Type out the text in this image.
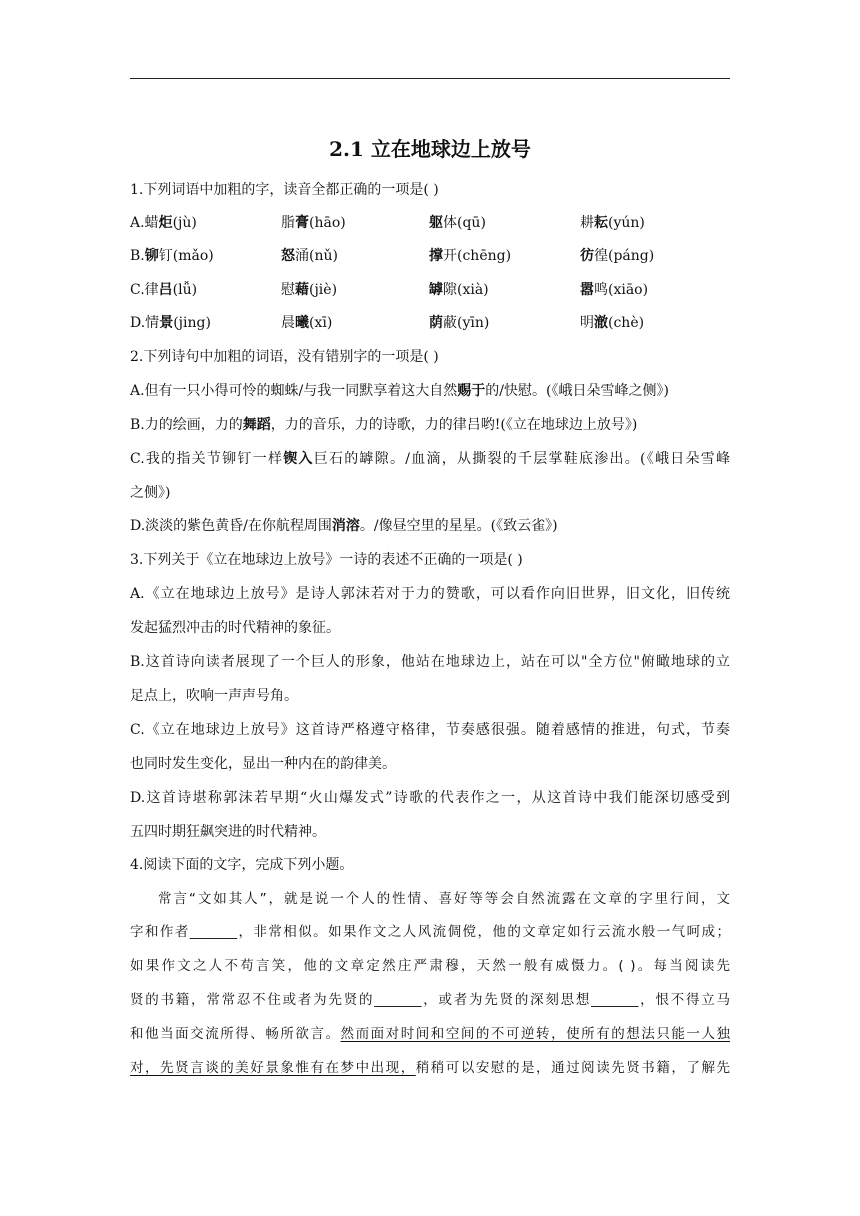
2.1 立在地球边上放号
1.下列词语中加粗的字，读音全都正确的一项是( )
A.蜡炬(jù)	脂膏(hāo)	躯体(qū)	耕耘(yún)
B.铆钉(mǎo)	怒涌(nǔ)	撑开(chēng)	彷徨(páng)
C.律吕(lǚ)	慰藉(jiè)	罅隙(xià)	嚣鸣(xiāo)
D.情景(jing)	晨曦(xī)	荫蔽(yīn)	明澈(chè)
2.下列诗句中加粗的词语，没有错别字的一项是( )
A.但有一只小得可怜的蜘蛛/与我一同默享着这大自然赐于的/快慰。(《峨日朵雪峰之侧》)
B.力的绘画，力的舞蹈，力的音乐，力的诗歌，力的律吕哟!(《立在地球边上放号》)
C.我的指关节铆钉一样锲入巨石的罅隙。/血滴，从撕裂的千层掌鞋底渗出。(《峨日朵雪峰
之侧》)
D.淡淡的紫色黄昏/在你航程周围消溶。/像昼空里的星星。(《致云雀》)
3.下列关于《立在地球边上放号》一诗的表述不正确的一项是( )
A.《立在地球边上放号》是诗人郭沫若对于力的赞歌，可以看作向旧世界，旧文化，旧传统
发起猛烈冲击的时代精神的象征。
B.这首诗向读者展现了一个巨人的形象，他站在地球边上，站在可以"全方位"俯瞰地球的立
足点上，吹响一声声号角。
C.《立在地球边上放号》这首诗严格遵守格律，节奏感很强。随着感情的推进，句式，节奏
也同时发生变化，显出一种内在的韵律美。
D.这首诗堪称郭沫若早期“火山爆发式”诗歌的代表作之一，从这首诗中我们能深切感受到
五四时期狂飙突进的时代精神。
4.阅读下面的文字，完成下列小题。
常言“文如其人”，就是说一个人的性情、喜好等等会自然流露在文章的字里行间，文
字和作者_______，非常相似。如果作文之人风流倜傥，他的文章定如行云流水般一气呵成；
如果作文之人不苟言笑，他的文章定然庄严肃穆，天然一般有威慑力。( )。每当阅读先
贤的书籍，常常忍不住或者为先贤的_______，或者为先贤的深刻思想_______，恨不得立马
和他当面交流所得、畅所欲言。然而面对时间和空间的不可逆转，使所有的想法只能一人独
对，先贤言谈的美好景象惟有在梦中出现，稍稍可以安慰的是，通过阅读先贤书籍，了解先
